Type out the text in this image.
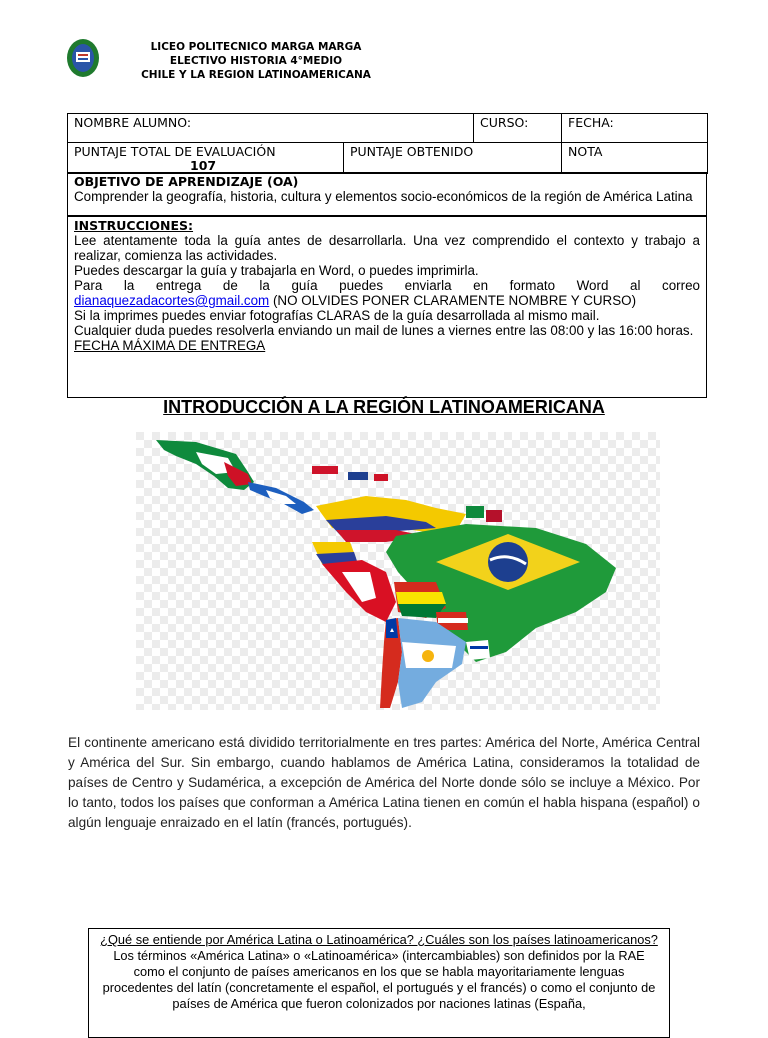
LICEO POLITECNICO MARGA MARGA
ELECTIVO HISTORIA 4°MEDIO
CHILE Y LA REGION LATINOAMERICANA
NOMBRE ALUMNO:		CURSO:	FECHA:

PUNTAJE TOTAL DE EVALUACIÓN
107	PUNTAJE OBTENIDO		NOTA
OBJETIVO DE APRENDIZAJE (OA)
Comprender la geografía, historia, cultura y elementos socio-económicos de la región de América Latina
INSTRUCCIONES:
Lee atentamente toda la guía antes de desarrollarla. Una vez comprendido el contexto y trabajo a realizar, comienza las actividades.
Puedes descargar la guía y trabajarla en Word, o puedes imprimirla.
Para la entrega de la guía puedes enviarla en formato Word al correo
dianaquezadacortes@gmail.com (NO OLVIDES PONER CLARAMENTE NOMBRE Y CURSO)
Si la imprimes puedes enviar fotografías CLARAS de la guía desarrollada al mismo mail.
Cualquier duda puedes resolverla enviando un mail de lunes a viernes entre las 08:00 y las 16:00 horas.
FECHA MÁXIMA DE ENTREGA
INTRODUCCIÓN A LA REGIÓN LATINOAMERICANA
El continente americano está dividido territorialmente en tres partes: América del Norte, América Central y América del Sur. Sin embargo, cuando hablamos de América Latina, consideramos la totalidad de países de Centro y Sudamérica, a excepción de América del Norte donde sólo se incluye a México. Por lo tanto, todos los países que conforman a América Latina tienen en común el habla hispana (español) o algún lenguaje enraizado en el latín (francés, portugués).
¿Qué se entiende por América Latina o Latinoamérica? ¿Cuáles son los países latinoamericanos?
Los términos «América Latina» o «Latinoamérica» (intercambiables) son definidos por la RAE como el conjunto de países americanos en los que se habla mayoritariamente lenguas procedentes del latín (concretamente el español, el portugués y el francés) o como el conjunto de países de América que fueron colonizados por naciones latinas (España,
